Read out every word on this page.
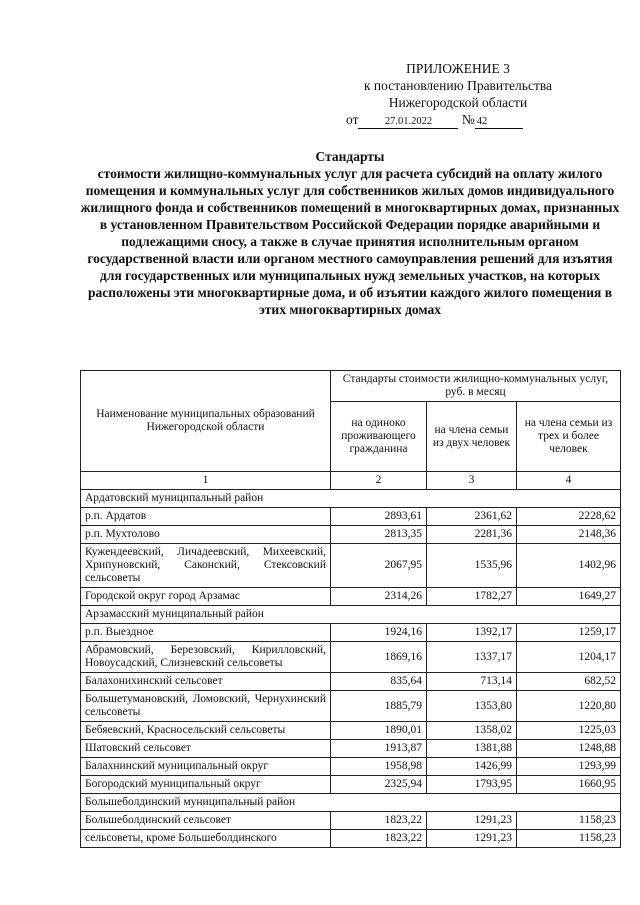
ПРИЛОЖЕНИЕ 3
к постановлению Правительства
Нижегородской области
от	27.01.2022 № 42
Стандарты
стоимости жилищно-коммунальных услуг для расчета субсидий на оплату жилого помещения и коммунальных услуг для собственников жилых домов индивидуального жилищного фонда и собственников помещений в многоквартирных домах, признанных в установленном Правительством Российской Федерации порядке аварийными и подлежащими сносу, а также в случае принятия исполнительным органом государственной власти или органом местного самоуправления решений для изъятия для государственных или муниципальных нужд земельных участков, на которых расположены эти многоквартирные дома, и об изъятии каждого жилого помещения в этих многоквартирных домах
Наименование муниципальных образований Нижегородской области	Стандарты стоимости жилищно-коммунальных услуг, руб. в месяц		
	на одиноко проживающего гражданина	на члена семьи из двух человек	на члена семьи из трех и более человек
1	2	3	4
Ардатовский муниципальный район			
р.п. Ардатов	2893,61	2361,62	2228,62
р.п. Мухтолово	2813,35	2281,36	2148,36
Кужендеевский, Личадеевский, Михеевский, Хрипуновский, Саконский, Стексовский сельсоветы	2067,95	1535,96	1402,96
Городской округ город Арзамас	2314,26	1782,27	1649,27
Арзамасский муниципальный район			
р.п. Выездное	1924,16	1392,17	1259,17
Абрамовский, Березовский, Кирилловский, Новоусадский, Слизневский сельсоветы	1869,16	1337,17	1204,17
Балахонихинский сельсовет	835,64	713,14	682,52
Большетумановский, Ломовский, Чернухинский сельсоветы	1885,79	1353,80	1220,80
Бебяевский, Красносельский сельсоветы	1890,01	1358,02	1225,03
Шатовский сельсовет	1913,87	1381,88	1248,88
Балахнинский муниципальный округ	1958,98	1426,99	1293,99
Богородский муниципальный округ	2325,94	1793,95	1660,95
Большеболдинский муниципальный район			
Большеболдинский сельсовет	1823,22	1291,23	1158,23
сельсоветы, кроме Большеболдинского	1823,22	1291,23	1158,23
